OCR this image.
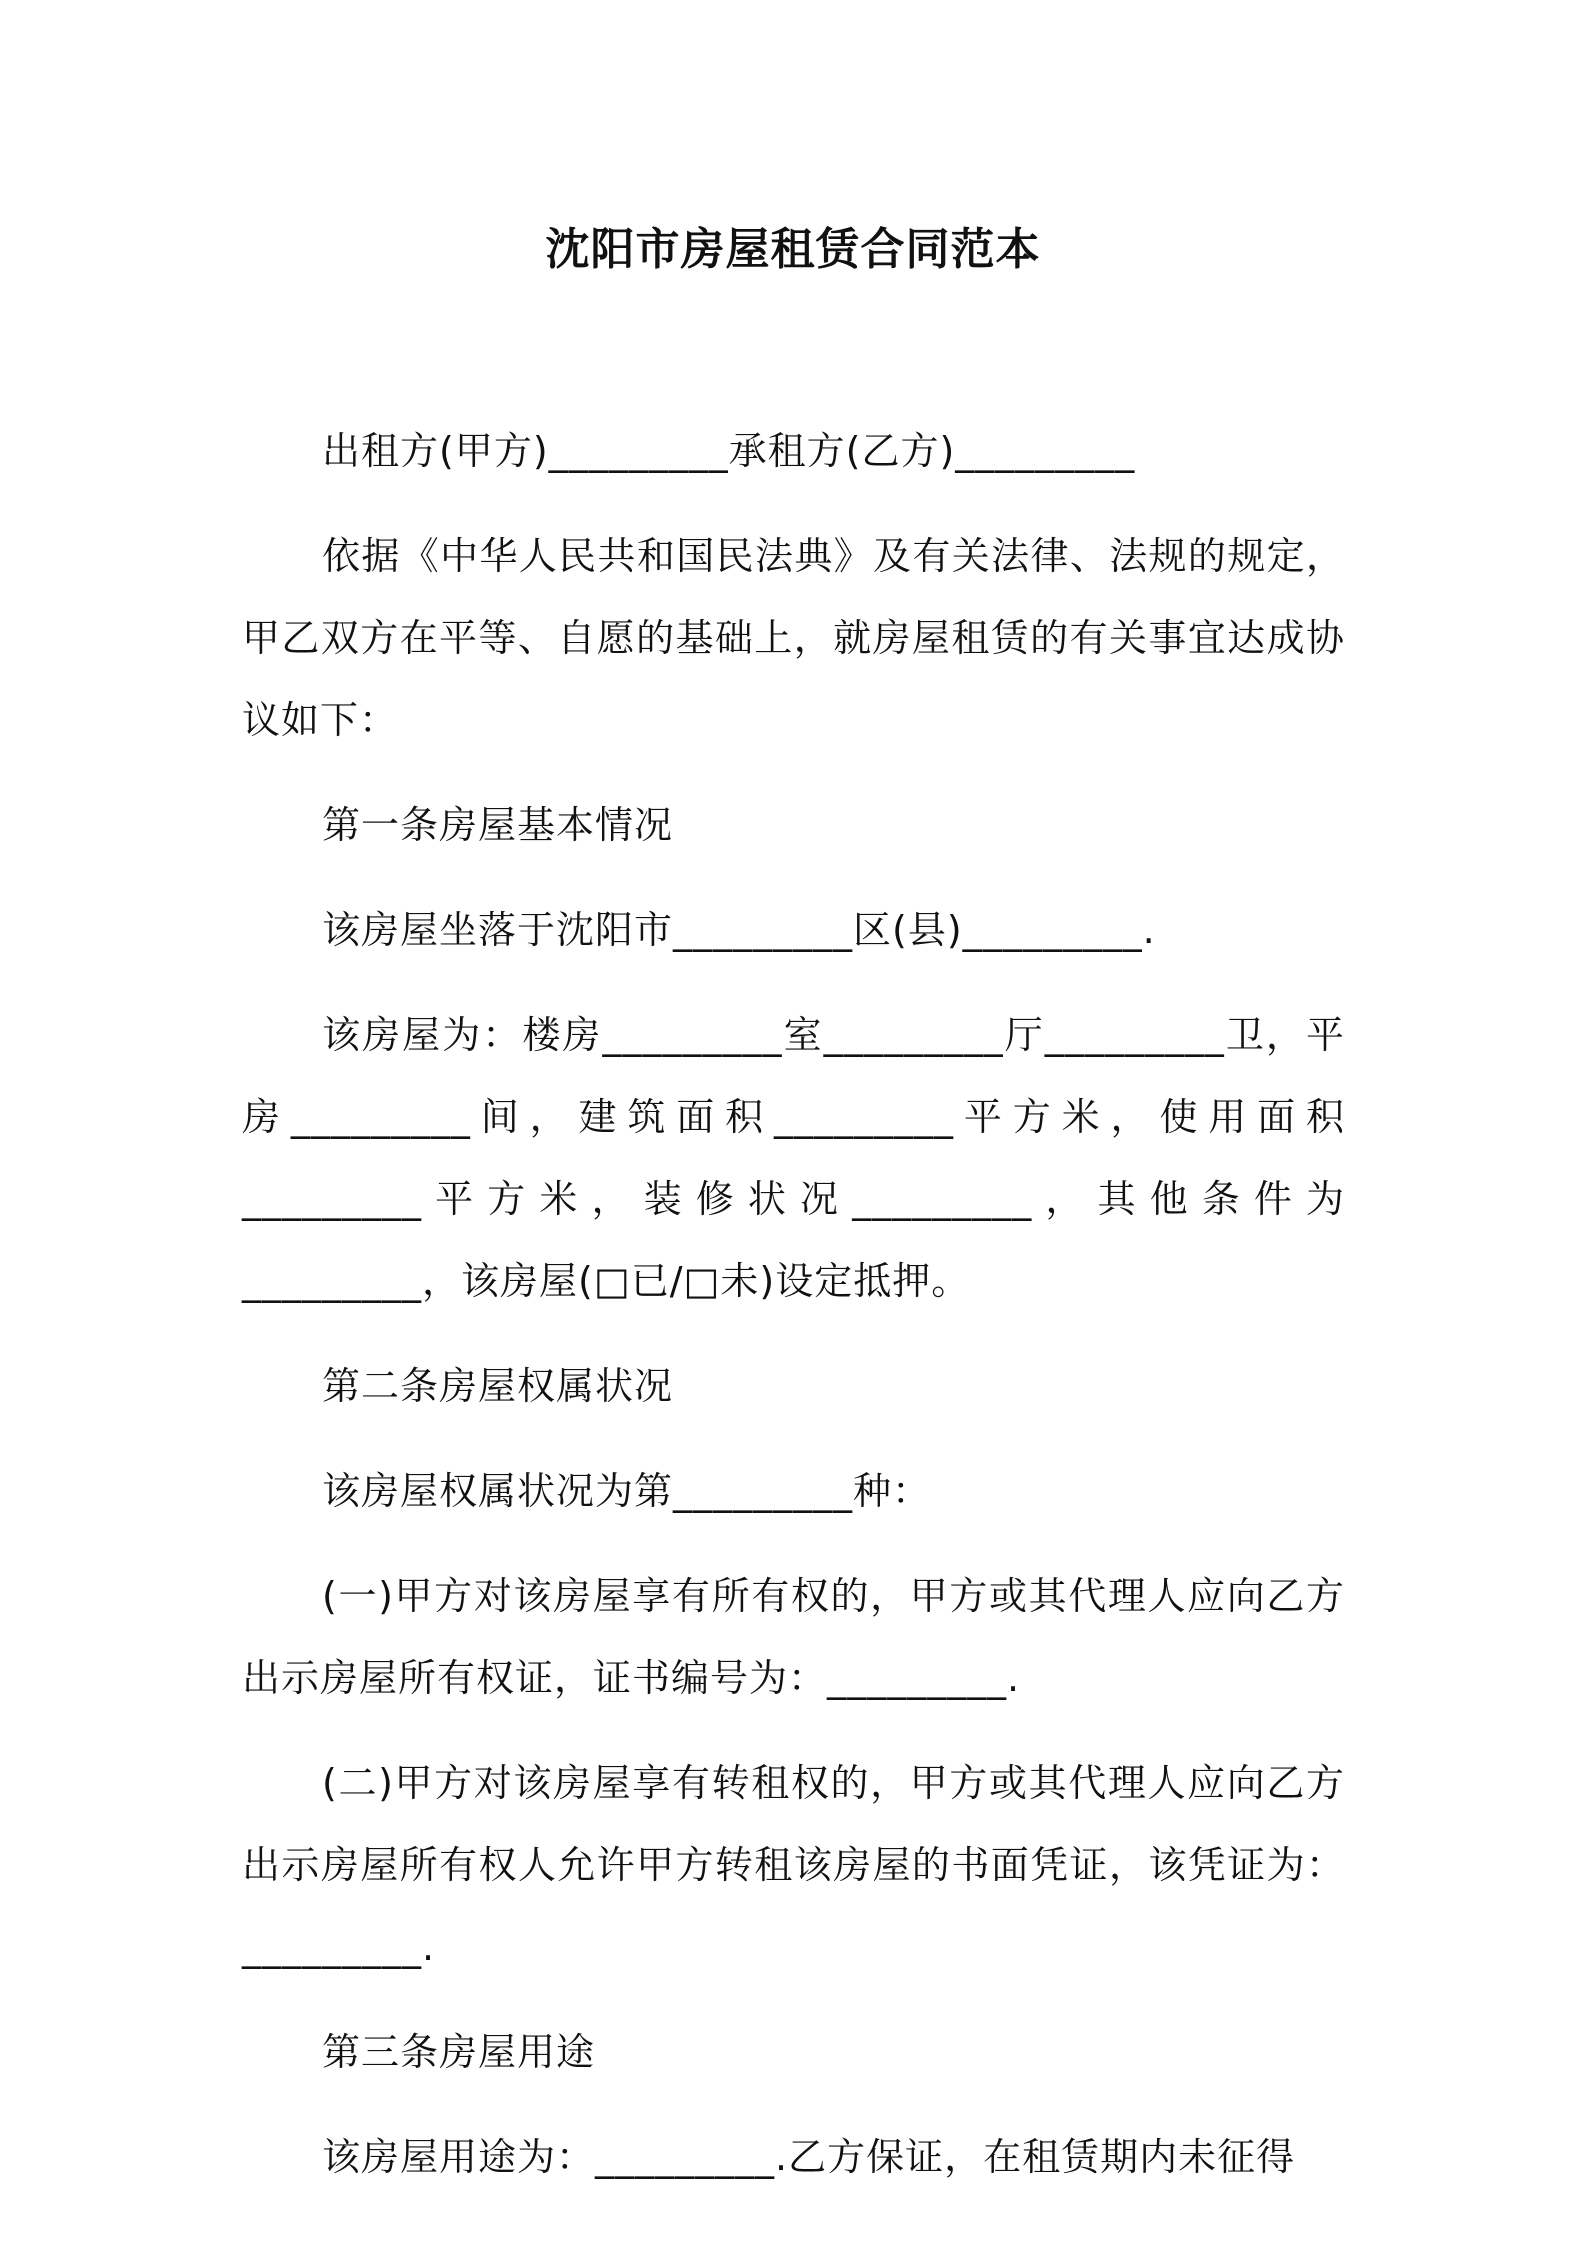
沈阳市房屋租赁合同范本

出租方(甲方)_________承租方(乙方)_________

依据《中华人民共和国民法典》及有关法律、法规的规定，甲乙双方在平等、自愿的基础上，就房屋租赁的有关事宜达成协议如下：

第一条房屋基本情况

该房屋坐落于沈阳市_________区(县)_________.

该房屋为：楼房_________室_________厅_________卫，平房_________间，建筑面积_________平方米，使用面积_________平方米，装修状况_________，其他条件为_________，该房屋(□已/□未)设定抵押。

第二条房屋权属状况

该房屋权属状况为第_________种：

(一)甲方对该房屋享有所有权的，甲方或其代理人应向乙方出示房屋所有权证，证书编号为：_________.

(二)甲方对该房屋享有转租权的，甲方或其代理人应向乙方出示房屋所有权人允许甲方转租该房屋的书面凭证，该凭证为：_________.

第三条房屋用途

该房屋用途为：_________.乙方保证，在租赁期内未征得
